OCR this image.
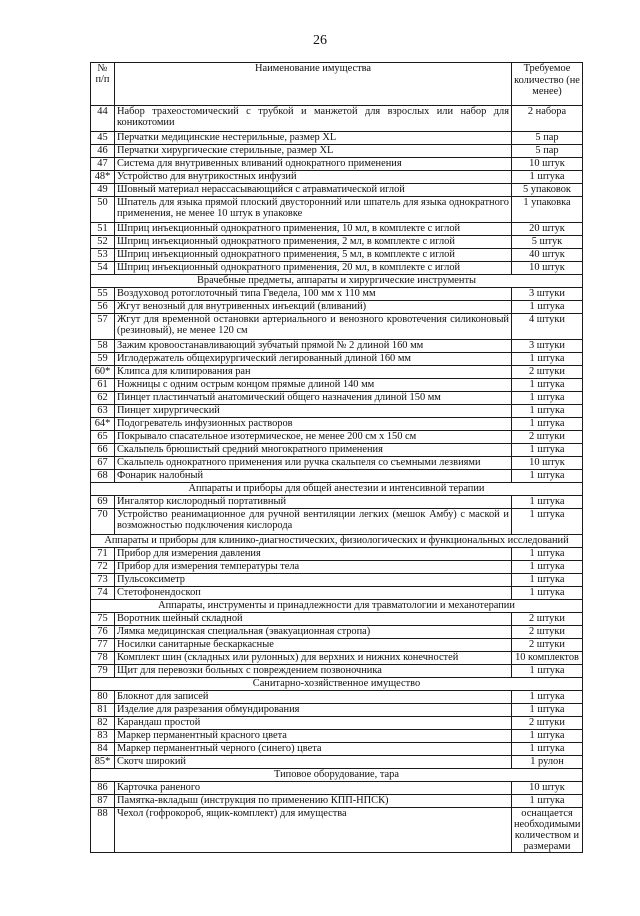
26
№ п/п	Наименование имущества	Требуемое количество (не менее)
44	Набор трахеостомический с трубкой и манжетой для взрослых или набор для коникотомии	2 набора
45	Перчатки медицинские нестерильные, размер XL	5 пар
46	Перчатки хирургические стерильные, размер XL	5 пар
47	Система для внутривенных вливаний однократного применения	10 штук
48*	Устройство для внутрикостных инфузий	1 штука
49	Шовный материал нерассасывающийся с атравматической иглой	5 упаковок
50	Шпатель для языка прямой плоский двусторонний или шпатель для языка однократного применения, не менее 10 штук в упаковке	1 упаковка
51	Шприц инъекционный однократного применения, 10 мл, в комплекте с иглой	20 штук
52	Шприц инъекционный однократного применения, 2 мл, в комплекте с иглой	5 штук
53	Шприц инъекционный однократного применения, 5 мл, в комплекте с иглой	40 штук
54	Шприц инъекционный однократного применения, 20 мл, в комплекте с иглой	10 штук
Врачебные предметы, аппараты и хирургические инструменты		
55	Воздуховод ротоглоточный типа Гведела, 100 мм х 110 мм	3 штуки
56	Жгут венозный для внутривенных инъекций (вливаний)	1 штука
57	Жгут для временной остановки артериального и венозного кровотечения силиконовый (резиновый), не менее 120 см	4 штуки
58	Зажим кровоостанавливающий зубчатый прямой № 2 длиной 160 мм	3 штуки
59	Иглодержатель общехирургический легированный длиной 160 мм	1 штука
60*	Клипса для клипирования ран	2 штуки
61	Ножницы с одним острым концом прямые длиной 140 мм	1 штука
62	Пинцет пластинчатый анатомический общего назначения длиной 150 мм	1 штука
63	Пинцет хирургический	1 штука
64*	Подогреватель инфузионных растворов	1 штука
65	Покрывало спасательное изотермическое, не менее 200 см х 150 см	2 штуки
66	Скальпель брюшистый средний многократного применения	1 штука
67	Скальпель однократного применения или ручка скальпеля со съемными лезвиями	10 штук
68	Фонарик налобный	1 штука
Аппараты и приборы для общей анестезии и интенсивной терапии		
69	Ингалятор кислородный портативный	1 штука
70	Устройство реанимационное для ручной вентиляции легких (мешок Амбу) с маской и возможностью подключения кислорода	1 штука
Аппараты и приборы для клинико-диагностических, физиологических и функциональных исследований		
71	Прибор для измерения давления	1 штука
72	Прибор для измерения температуры тела	1 штука
73	Пульсоксиметр	1 штука
74	Стетофонендоскоп	1 штука
Аппараты, инструменты и принадлежности для травматологии и механотерапии		
75	Воротник шейный складной	2 штуки
76	Лямка медицинская специальная (эвакуационная стропа)	2 штуки
77	Носилки санитарные бескаркасные	2 штуки
78	Комплект шин (складных или рулонных) для верхних и нижних конечностей	10 комплектов
79	Щит для перевозки больных с повреждением позвоночника	1 штука
Санитарно-хозяйственное имущество		
80	Блокнот для записей	1 штука
81	Изделие для разрезания обмундирования	1 штука
82	Карандаш простой	2 штуки
83	Маркер перманентный красного цвета	1 штука
84	Маркер перманентный черного (синего) цвета	1 штука
85*	Скотч широкий	1 рулон
Типовое оборудование, тара		
86	Карточка раненого	10 штук
87	Памятка-вкладыш (инструкция по применению КПП-НПСК)	1 штука
88	Чехол (гофрокороб, ящик-комплект) для имущества	оснащается необходимыми количеством и размерами
